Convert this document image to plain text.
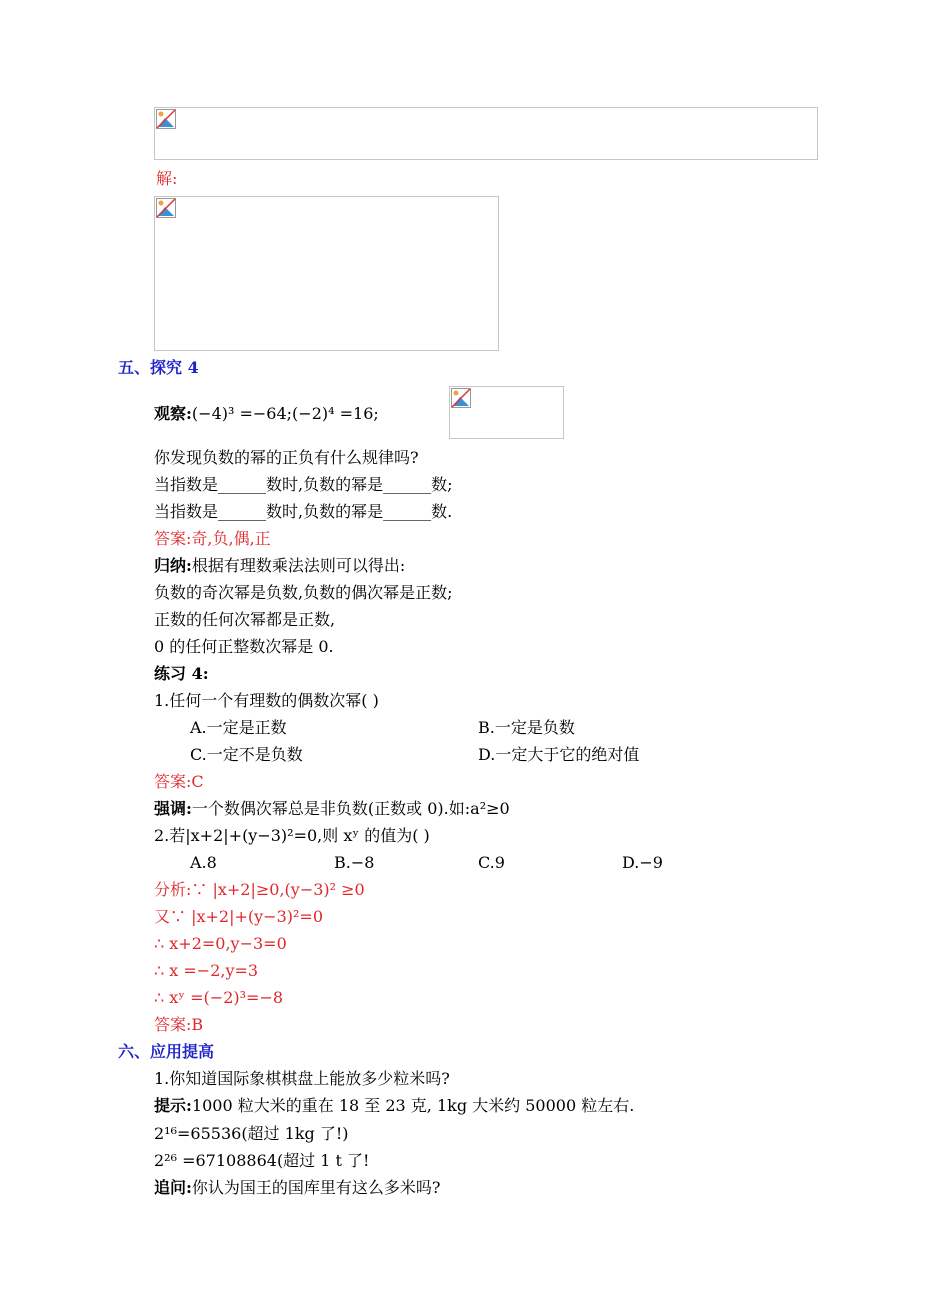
解:
五、探究 4
观察:(−4)³ =−64;(−2)⁴ =16;
你发现负数的幂的正负有什么规律吗?
当指数是______数时,负数的幂是______数;
当指数是______数时,负数的幂是______数.
答案:奇,负,偶,正
归纳:根据有理数乘法法则可以得出:
负数的奇次幂是负数,负数的偶次幂是正数;
正数的任何次幂都是正数,
0 的任何正整数次幂是 0.
练习 4:
1.任何一个有理数的偶数次幂( )
A.一定是正数	B.一定是负数
C.一定不是负数	D.一定大于它的绝对值
答案:C
强调:一个数偶次幂总是非负数(正数或 0).如:a²≥0
2.若|x+2|+(y−3)²=0,则 xʸ 的值为( )
A.8	B.−8	C.9	D.−9
分析:∵ |x+2|≥0,(y−3)² ≥0
又∵ |x+2|+(y−3)²=0
∴ x+2=0,y−3=0
∴ x =−2,y=3
∴ xʸ =(−2)³=−8
答案:B
六、应用提高
1.你知道国际象棋棋盘上能放多少粒米吗?
提示:1000 粒大米的重在 18 至 23 克, 1kg 大米约 50000 粒左右.
2¹⁶=65536(超过 1kg 了!)
2²⁶ =67108864(超过 1 t 了!
追问:你认为国王的国库里有这么多米吗?
